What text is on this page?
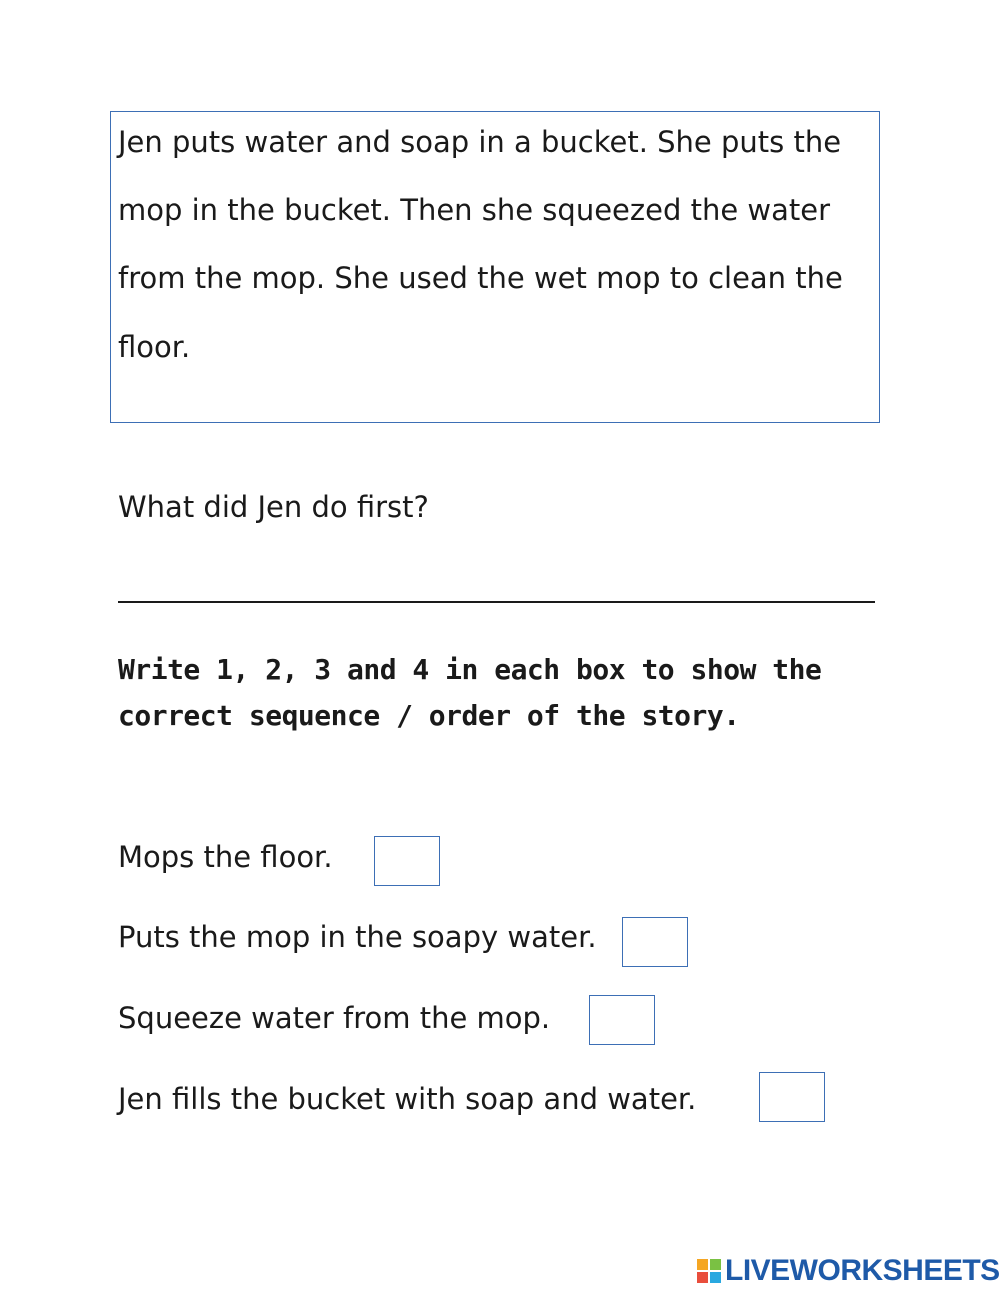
Jen puts water and soap in a bucket. She puts the
mop in the bucket. Then she squeezed the water
from the mop. She used the wet mop to clean the
floor.
What did Jen do first?
Write 1, 2, 3 and 4 in each box to show the
correct sequence / order of the story.
Mops the floor.
Puts the mop in the soapy water.
Squeeze water from the mop.
Jen fills the bucket with soap and water.
LIVEWORKSHEETS
